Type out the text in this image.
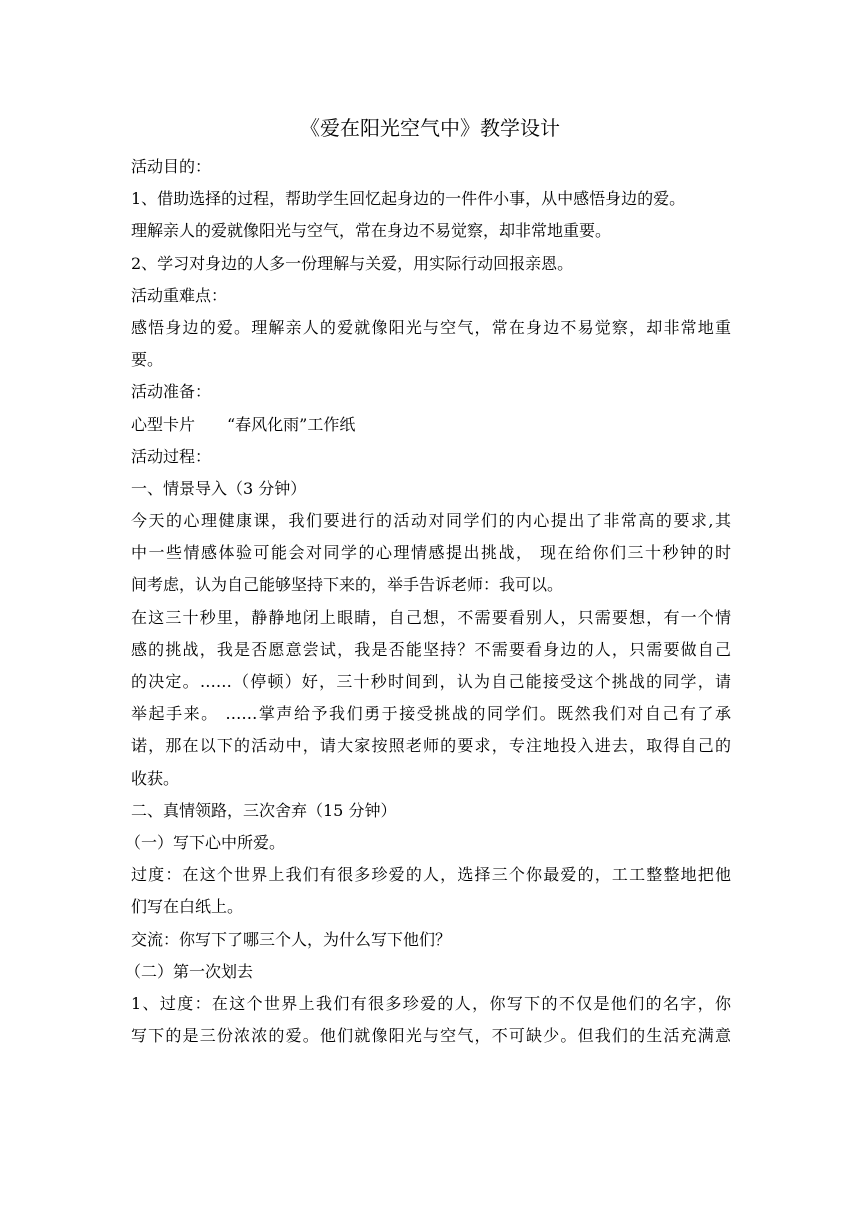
《爱在阳光空气中》教学设计
活动目的：
1、借助选择的过程，帮助学生回忆起身边的一件件小事，从中感悟身边的爱。
理解亲人的爱就像阳光与空气，常在身边不易觉察，却非常地重要。
2、学习对身边的人多一份理解与关爱，用实际行动回报亲恩。
活动重难点：
感悟身边的爱。理解亲人的爱就像阳光与空气，常在身边不易觉察，却非常地重
要。
活动准备：
心型卡片　　“春风化雨”工作纸
活动过程：
一、情景导入（3 分钟）
今天的心理健康课，我们要进行的活动对同学们的内心提出了非常高的要求,其
中一些情感体验可能会对同学的心理情感提出挑战， 现在给你们三十秒钟的时
间考虑，认为自己能够坚持下来的，举手告诉老师：我可以。
在这三十秒里，静静地闭上眼睛，自己想，不需要看别人，只需要想，有一个情
感的挑战，我是否愿意尝试，我是否能坚持？不需要看身边的人，只需要做自己
的决定。……（停顿）好，三十秒时间到，认为自己能接受这个挑战的同学，请
举起手来。 ……掌声给予我们勇于接受挑战的同学们。既然我们对自己有了承
诺，那在以下的活动中，请大家按照老师的要求，专注地投入进去，取得自己的
收获。
二、真情领路，三次舍弃（15 分钟）
（一）写下心中所爱。
过度：在这个世界上我们有很多珍爱的人，选择三个你最爱的，工工整整地把他
们写在白纸上。
交流：你写下了哪三个人，为什么写下他们？
（二）第一次划去
1、过度：在这个世界上我们有很多珍爱的人，你写下的不仅是他们的名字，你
写下的是三份浓浓的爱。他们就像阳光与空气，不可缺少。但我们的生活充满意
